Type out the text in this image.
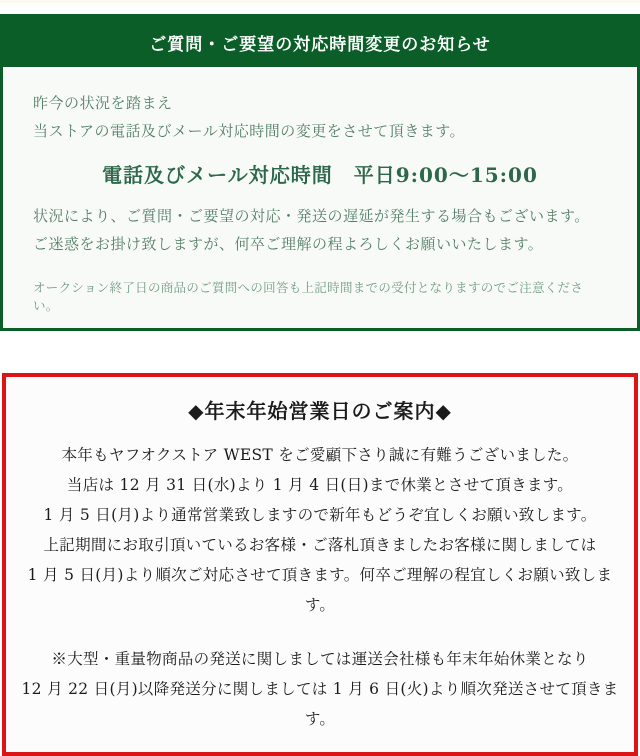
ご質問・ご要望の対応時間変更のお知らせ

昨今の状況を踏まえ

当ストアの電話及びメール対応時間の変更をさせて頂きます。

電話及びメール対応時間　平日9:00～15:00

状況により、ご質問・ご要望の対応・発送の遅延が発生する場合もございます。

ご迷惑をお掛け致しますが、何卒ご理解の程よろしくお願いいたします。

オークション終了日の商品のご質問への回答も上記時間までの受付となりますのでご注意ください。

◆年末年始営業日のご案内◆

本年もヤフオクストア WEST をご愛顧下さり誠に有難うございました。

当店は 12 月 31 日(水)より 1 月 4 日(日)まで休業とさせて頂きます。

1 月 5 日(月)より通常営業致しますので新年もどうぞ宜しくお願い致します。

上記期間にお取引頂いているお客様・ご落札頂きましたお客様に関しましては

1 月 5 日(月)より順次ご対応させて頂きます。何卒ご理解の程宜しくお願い致します。

※大型・重量物商品の発送に関しましては運送会社様も年末年始休業となり

12 月 22 日(月)以降発送分に関しましては 1 月 6 日(火)より順次発送させて頂きます。
